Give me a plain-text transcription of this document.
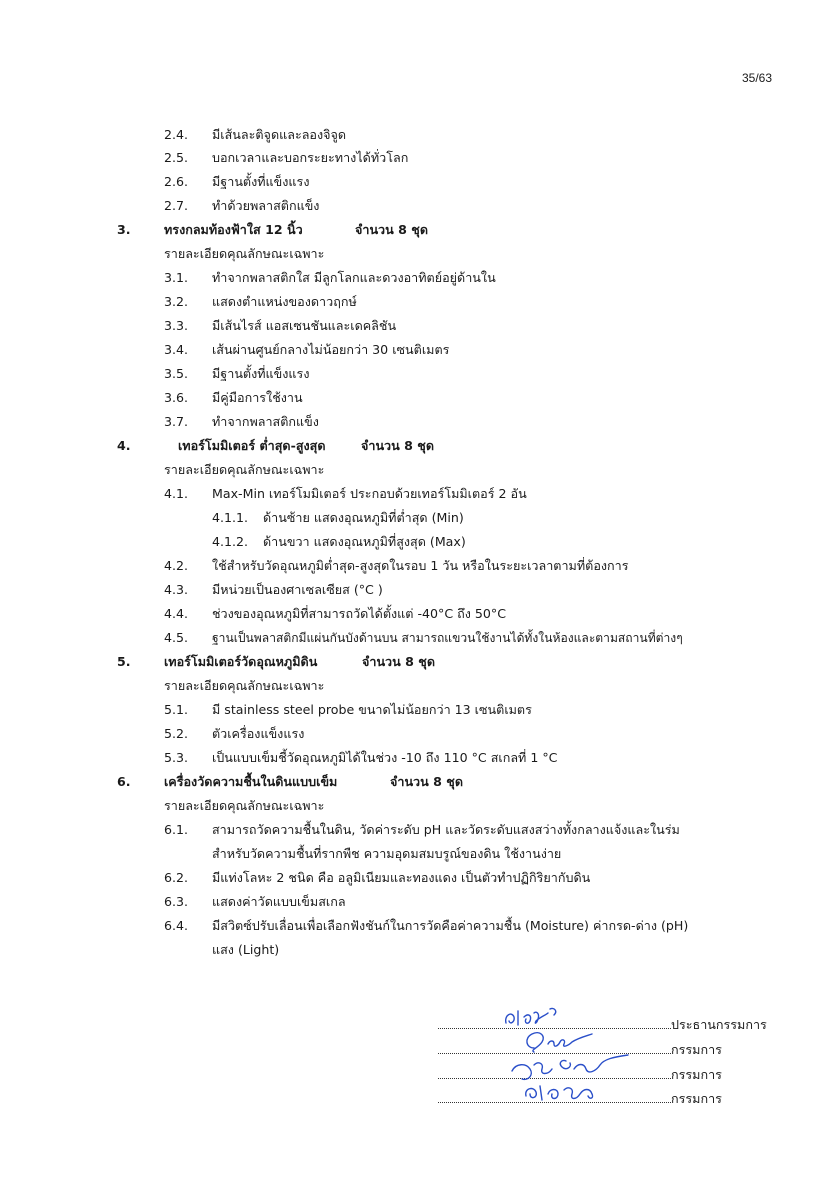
35/63
2.4. มีเส้นละติจูดและลองจิจูด
2.5. บอกเวลาและบอกระยะทางได้ทั่วโลก
2.6. มีฐานตั้งที่แข็งแรง
2.7. ทำด้วยพลาสติกแข็ง
3.	ทรงกลมท้องฟ้าใส 12 นิ้ว	จำนวน 8 ชุด
รายละเอียดคุณลักษณะเฉพาะ
3.1. ทำจากพลาสติกใส มีลูกโลกและดวงอาทิตย์อยู่ด้านใน
3.2. แสดงตำแหน่งของดาวฤกษ์
3.3. มีเส้นไรส์ แอสเซนชันและเดคลิชัน
3.4. เส้นผ่านศูนย์กลางไม่น้อยกว่า 30 เซนติเมตร
3.5. มีฐานตั้งที่แข็งแรง
3.6. มีคู่มือการใช้งาน
3.7. ทำจากพลาสติกแข็ง
4.	เทอร์โมมิเตอร์ ต่ำสุด-สูงสุด	จำนวน 8 ชุด
รายละเอียดคุณลักษณะเฉพาะ
4.1. Max-Min เทอร์โมมิเตอร์ ประกอบด้วยเทอร์โมมิเตอร์ 2 อัน
4.1.1. ด้านซ้าย แสดงอุณหภูมิที่ต่ำสุด (Min)
4.1.2. ด้านขวา แสดงอุณหภูมิที่สูงสุด (Max)
4.2. ใช้สำหรับวัดอุณหภูมิต่ำสุด-สูงสุดในรอบ 1 วัน หรือในระยะเวลาตามที่ต้องการ
4.3. มีหน่วยเป็นองศาเซลเซียส (°C )
4.4. ช่วงของอุณหภูมิที่สามารถวัดได้ตั้งแต่ -40°C ถึง 50°C
4.5. ฐานเป็นพลาสติกมีแผ่นกันบังด้านบน สามารถแขวนใช้งานได้ทั้งในห้องและตามสถานที่ต่างๆ
5.	เทอร์โมมิเตอร์วัดอุณหภูมิดิน	จำนวน 8 ชุด
รายละเอียดคุณลักษณะเฉพาะ
5.1. มี stainless steel probe ขนาดไม่น้อยกว่า 13 เซนติเมตร
5.2. ตัวเครื่องแข็งแรง
5.3. เป็นแบบเข็มชี้วัดอุณหภูมิได้ในช่วง -10 ถึง 110 °C สเกลที่ 1 °C
6.	เครื่องวัดความชื้นในดินแบบเข็ม	จำนวน 8 ชุด
รายละเอียดคุณลักษณะเฉพาะ
6.1. สามารถวัดความชื้นในดิน, วัดค่าระดับ pH และวัดระดับแสงสว่างทั้งกลางแจ้งและในร่ม
สำหรับวัดความชื้นที่รากพืช ความอุดมสมบรูณ์ของดิน ใช้งานง่าย
6.2. มีแท่งโลหะ 2 ชนิด คือ อลูมิเนียมและทองแดง เป็นตัวทำปฏิกิริยากับดิน
6.3. แสดงค่าวัดแบบเข็มสเกล
6.4. มีสวิตซ์ปรับเลื่อนเพื่อเลือกฟังชันก์ในการวัดคือค่าความชื้น (Moisture) ค่ากรด-ด่าง (pH)
แสง (Light)
ประธานกรรมการ
กรรมการ
กรรมการ
กรรมการ
